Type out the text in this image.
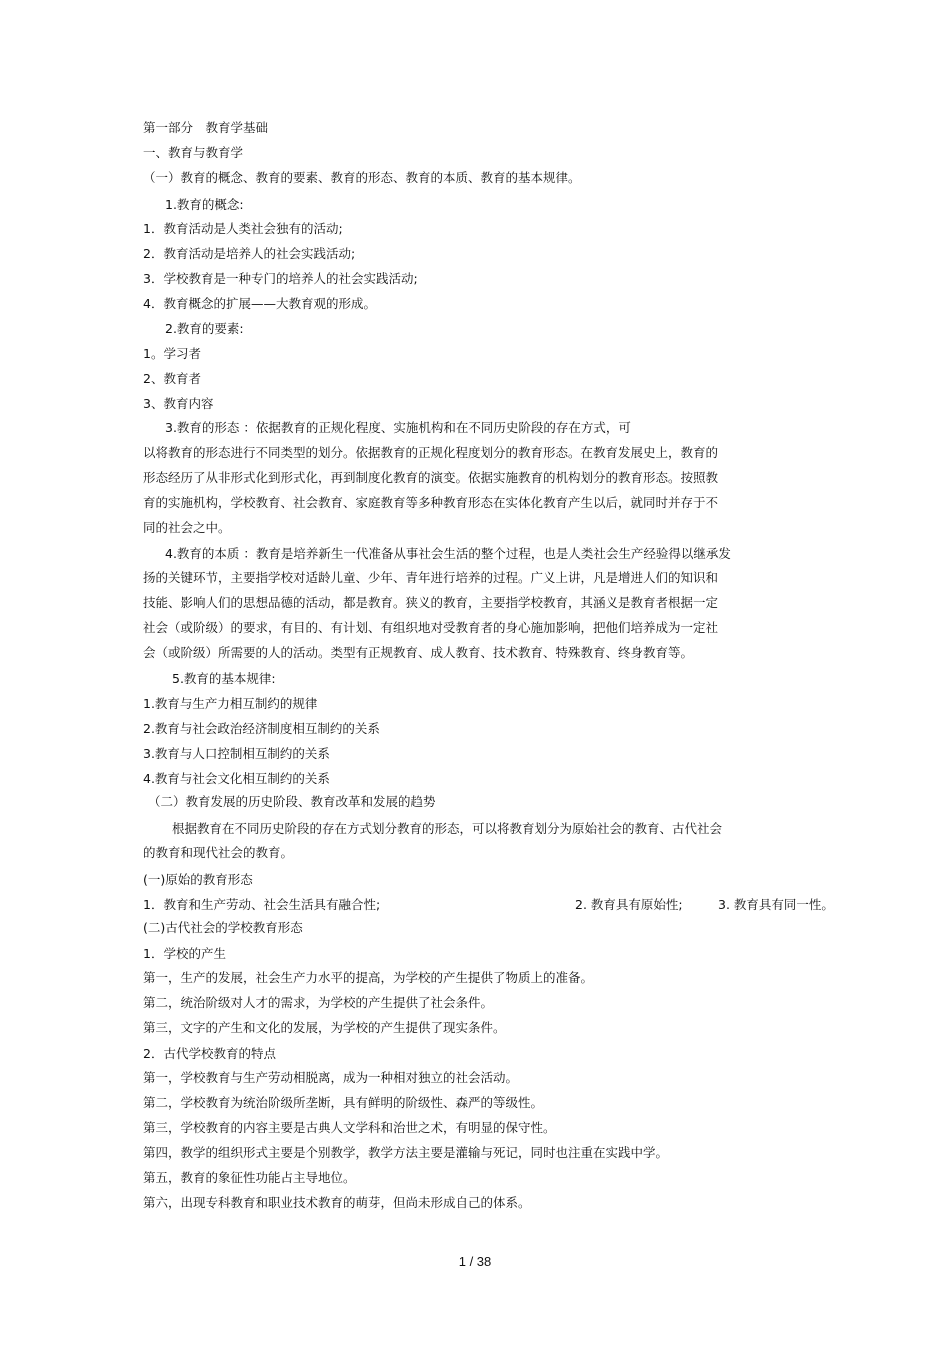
第一部分　教育学基础
一、教育与教育学
（一）教育的概念、教育的要素、教育的形态、教育的本质、教育的基本规律。
1.教育的概念:
1．教育活动是人类社会独有的活动;
2．教育活动是培养人的社会实践活动;
3．学校教育是一种专门的培养人的社会实践活动;
4．教育概念的扩展——大教育观的形成。
2.教育的要素:
1。学习者
2、教育者
3、教育内容
3.教育的形态 ：依据教育的正规化程度、实施机构和在不同历史阶段的存在方式，可
以将教育的形态进行不同类型的划分。依据教育的正规化程度划分的教育形态。在教育发展史上，教育的
形态经历了从非形式化到形式化，再到制度化教育的演变。依据实施教育的机构划分的教育形态。按照教
育的实施机构，学校教育、社会教育、家庭教育等多种教育形态在实体化教育产生以后，就同时并存于不
同的社会之中。
4.教育的本质 ：教育是培养新生一代准备从事社会生活的整个过程，也是人类社会生产经验得以继承发
扬的关键环节，主要指学校对适龄儿童、少年、青年进行培养的过程。广义上讲，凡是增进人们的知识和
技能、影响人们的思想品德的活动，都是教育。狭义的教育，主要指学校教育，其涵义是教育者根据一定
社会（或阶级）的要求，有目的、有计划、有组织地对受教育者的身心施加影响，把他们培养成为一定社
会（或阶级）所需要的人的活动。类型有正规教育、成人教育、技术教育、特殊教育、终身教育等。
5.教育的基本规律:
1.教育与生产力相互制约的规律
2.教育与社会政治经济制度相互制约的关系
3.教育与人口控制相互制约的关系
4.教育与社会文化相互制约的关系
（二）教育发展的历史阶段、教育改革和发展的趋势
根据教育在不同历史阶段的存在方式划分教育的形态，可以将教育划分为原始社会的教育、古代社会
的教育和现代社会的教育。
(一)原始的教育形态
1．教育和生产劳动、社会生活具有融合性;	2. 教育具有原始性;	3. 教育具有同一性。
(二)古代社会的学校教育形态
1．学校的产生
第一，生产的发展，社会生产力水平的提高，为学校的产生提供了物质上的准备。
第二，统治阶级对人才的需求，为学校的产生提供了社会条件。
第三，文字的产生和文化的发展，为学校的产生提供了现实条件。
2．古代学校教育的特点
第一，学校教育与生产劳动相脱离，成为一种相对独立的社会活动。
第二，学校教育为统治阶级所垄断，具有鲜明的阶级性、森严的等级性。
第三，学校教育的内容主要是古典人文学科和治世之术，有明显的保守性。
第四，教学的组织形式主要是个别教学，教学方法主要是灌输与死记，同时也注重在实践中学。
第五，教育的象征性功能占主导地位。
第六，出现专科教育和职业技术教育的萌芽，但尚未形成自己的体系。
1 / 38
